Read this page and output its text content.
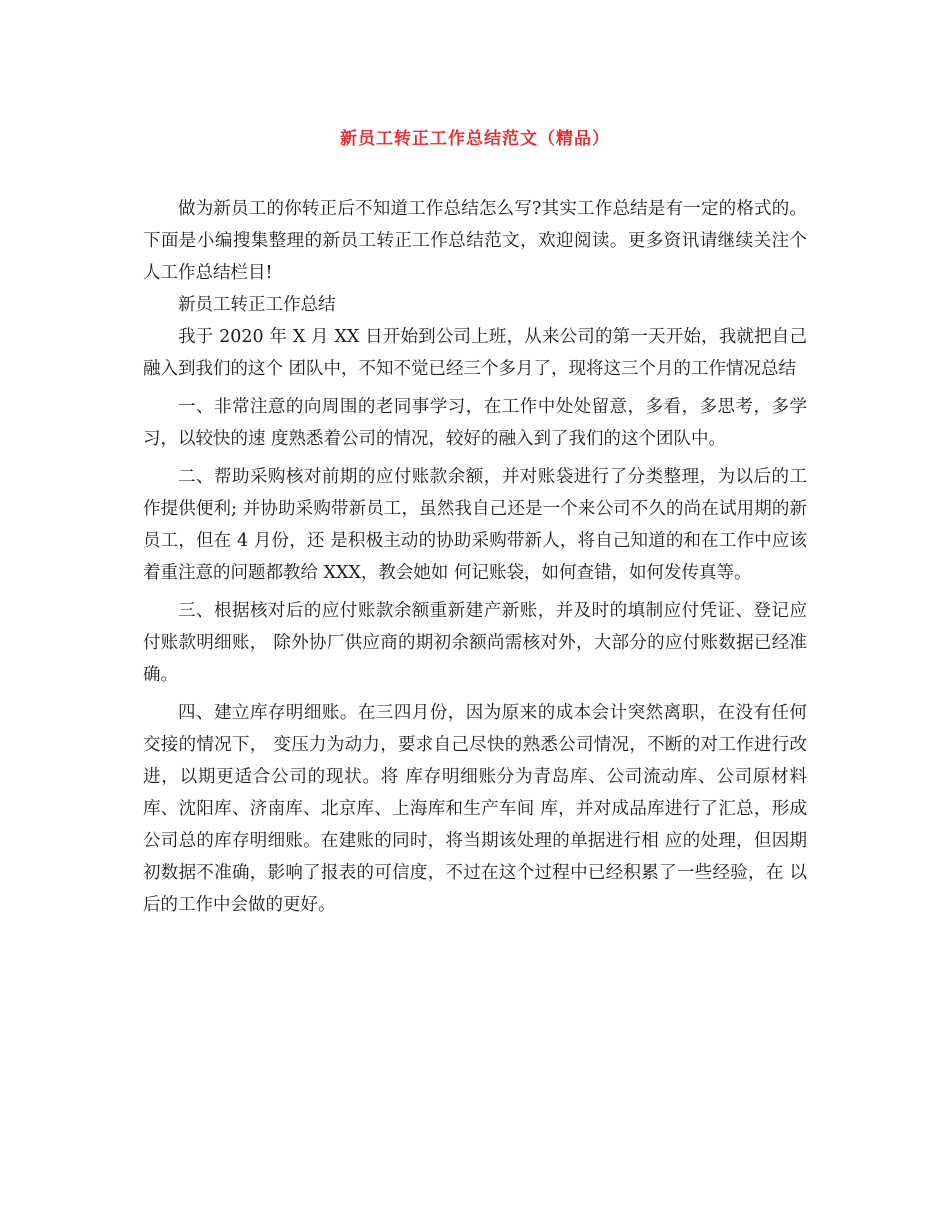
新员工转正工作总结范文（精品）

做为新员工的你转正后不知道工作总结怎么写?其实工作总结是有一定的格式的。下面是小编搜集整理的新员工转正工作总结范文，欢迎阅读。更多资讯请继续关注个人工作总结栏目!

新员工转正工作总结

我于 2020 年 X 月 XX 日开始到公司上班，从来公司的第一天开始，我就把自己融入到我们的这个 团队中，不知不觉已经三个多月了，现将这三个月的工作情况总结

一、非常注意的向周围的老同事学习，在工作中处处留意，多看，多思考，多学习，以较快的速 度熟悉着公司的情况，较好的融入到了我们的这个团队中。

二、帮助采购核对前期的应付账款余额，并对账袋进行了分类整理，为以后的工作提供便利; 并协助采购带新员工，虽然我自己还是一个来公司不久的尚在试用期的新员工，但在 4 月份，还 是积极主动的协助采购带新人，将自己知道的和在工作中应该着重注意的问题都教给 XXX，教会她如 何记账袋，如何查错，如何发传真等。

三、根据核对后的应付账款余额重新建产新账，并及时的填制应付凭证、登记应付账款明细账， 除外协厂供应商的期初余额尚需核对外，大部分的应付账数据已经准确。

四、建立库存明细账。在三四月份，因为原来的成本会计突然离职，在没有任何交接的情况下， 变压力为动力，要求自己尽快的熟悉公司情况，不断的对工作进行改进，以期更适合公司的现状。将 库存明细账分为青岛库、公司流动库、公司原材料库、沈阳库、济南库、北京库、上海库和生产车间 库，并对成品库进行了汇总，形成公司总的库存明细账。在建账的同时，将当期该处理的单据进行相 应的处理，但因期初数据不准确，影响了报表的可信度，不过在这个过程中已经积累了一些经验，在 以后的工作中会做的更好。
